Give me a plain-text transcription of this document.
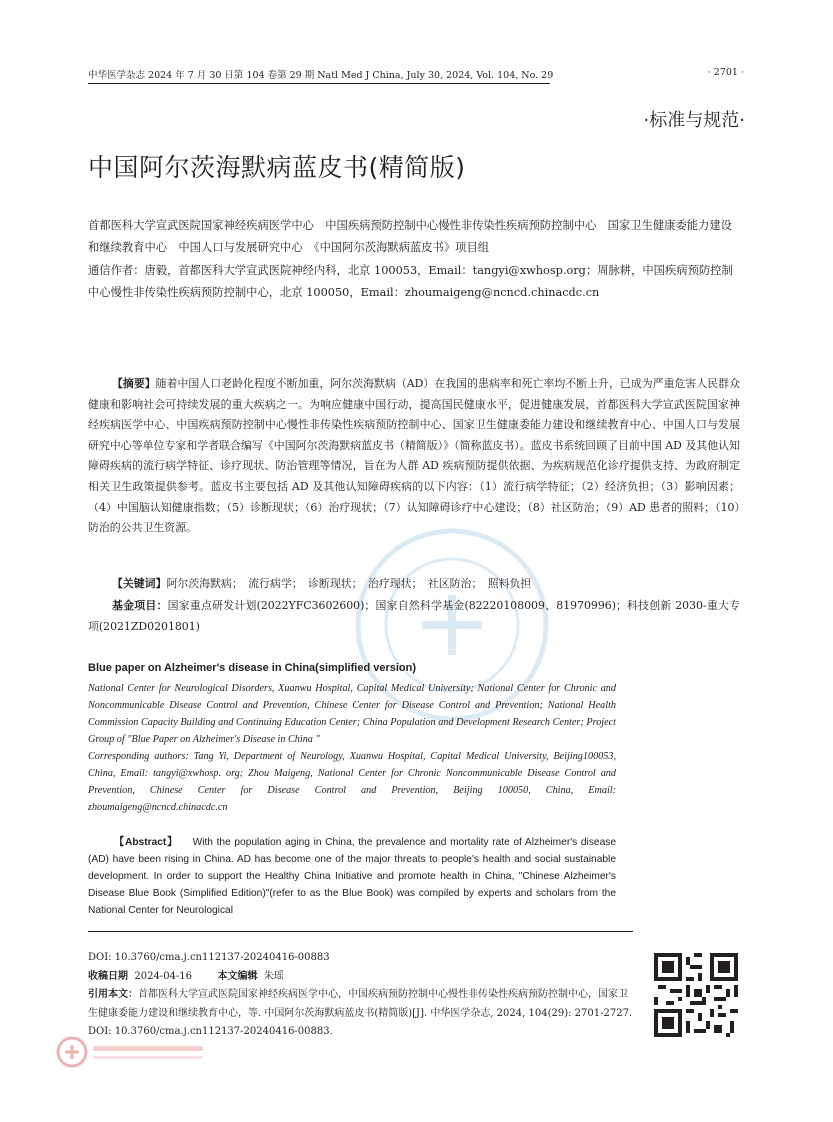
中华医学杂志 2024 年 7 月 30 日第 104 卷第 29 期 Natl Med J China, July 30, 2024, Vol. 104, No. 29	· 2701 ·
·标准与规范·
中国阿尔茨海默病蓝皮书(精简版)
首都医科大学宣武医院国家神经疾病医学中心　中国疾病预防控制中心慢性非传染性疾病预防控制中心　国家卫生健康委能力建设和继续教育中心　中国人口与发展研究中心　《中国阿尔茨海默病蓝皮书》项目组
通信作者：唐毅，首都医科大学宣武医院神经内科，北京 100053，Email：tangyi@xwhosp.org；周脉耕，中国疾病预防控制中心慢性非传染性疾病预防控制中心，北京 100050，Email：zhoumaigeng@ncncd.chinacdc.cn
【摘要】随着中国人口老龄化程度不断加重，阿尔茨海默病（AD）在我国的患病率和死亡率均不断上升，已成为严重危害人民群众健康和影响社会可持续发展的重大疾病之一。为响应健康中国行动，提高国民健康水平，促进健康发展，首都医科大学宣武医院国家神经疾病医学中心、中国疾病预防控制中心慢性非传染性疾病预防控制中心、国家卫生健康委能力建设和继续教育中心、中国人口与发展研究中心等单位专家和学者联合编写《中国阿尔茨海默病蓝皮书（精简版）》（简称蓝皮书）。蓝皮书系统回顾了目前中国 AD 及其他认知障碍疾病的流行病学特征、诊疗现状、防治管理等情况，旨在为人群 AD 疾病预防提供依据、为疾病规范化诊疗提供支持、为政府制定相关卫生政策提供参考。蓝皮书主要包括 AD 及其他认知障碍疾病的以下内容：（1）流行病学特征；（2）经济负担；（3）影响因素；（4）中国脑认知健康指数；（5）诊断现状；（6）治疗现状；（7）认知障碍诊疗中心建设；（8）社区防治；（9）AD 患者的照料；（10）防治的公共卫生资源。
【关键词】阿尔茨海默病；　流行病学；　诊断现状；　治疗现状；　社区防治；　照料负担
基金项目：国家重点研发计划(2022YFC3602600)；国家自然科学基金(82220108009、81970996)；科技创新 2030-重大专项(2021ZD0201801)
Blue paper on Alzheimer's disease in China(simplified version)
National Center for Neurological Disorders, Xuanwu Hospital, Capital Medical University; National Center for Chronic and Noncommunicable Disease Control and Prevention, Chinese Center for Disease Control and Prevention; National Health Commission Capacity Building and Continuing Education Center; China Population and Development Research Center; Project Group of "Blue Paper on Alzheimer's Disease in China "
Corresponding authors: Tang Yi, Department of Neurology, Xuanwu Hospital, Capital Medical University, Beijing100053, China, Email: tangyi@xwhosp. org; Zhou Maigeng, National Center for Chronic Noncommunicable Disease Control and Prevention, Chinese Center for Disease Control and Prevention, Beijing 100050, China, Email: zhoumaigeng@ncncd.chinacdc.cn
【Abstract】 With the population aging in China, the prevalence and mortality rate of Alzheimer's disease (AD) have been rising in China. AD has become one of the major threats to people's health and social sustainable development. In order to support the Healthy China Initiative and promote health in China, "Chinese Alzheimer's Disease Blue Book (Simplified Edition)"(refer to as the Blue Book) was compiled by experts and scholars from the National Center for Neurological
DOI: 10.3760/cma.j.cn112137-20240416-00883
收稿日期 2024-04-16	本文编辑 朱瑶
引用本文：首都医科大学宣武医院国家神经疾病医学中心，中国疾病预防控制中心慢性非传染性疾病预防控制中心，国家卫生健康委能力建设和继续教育中心，等. 中国阿尔茨海默病蓝皮书(精简版)[J]. 中华医学杂志, 2024, 104(29): 2701-2727. DOI: 10.3760/cma.j.cn112137-20240416-00883.
